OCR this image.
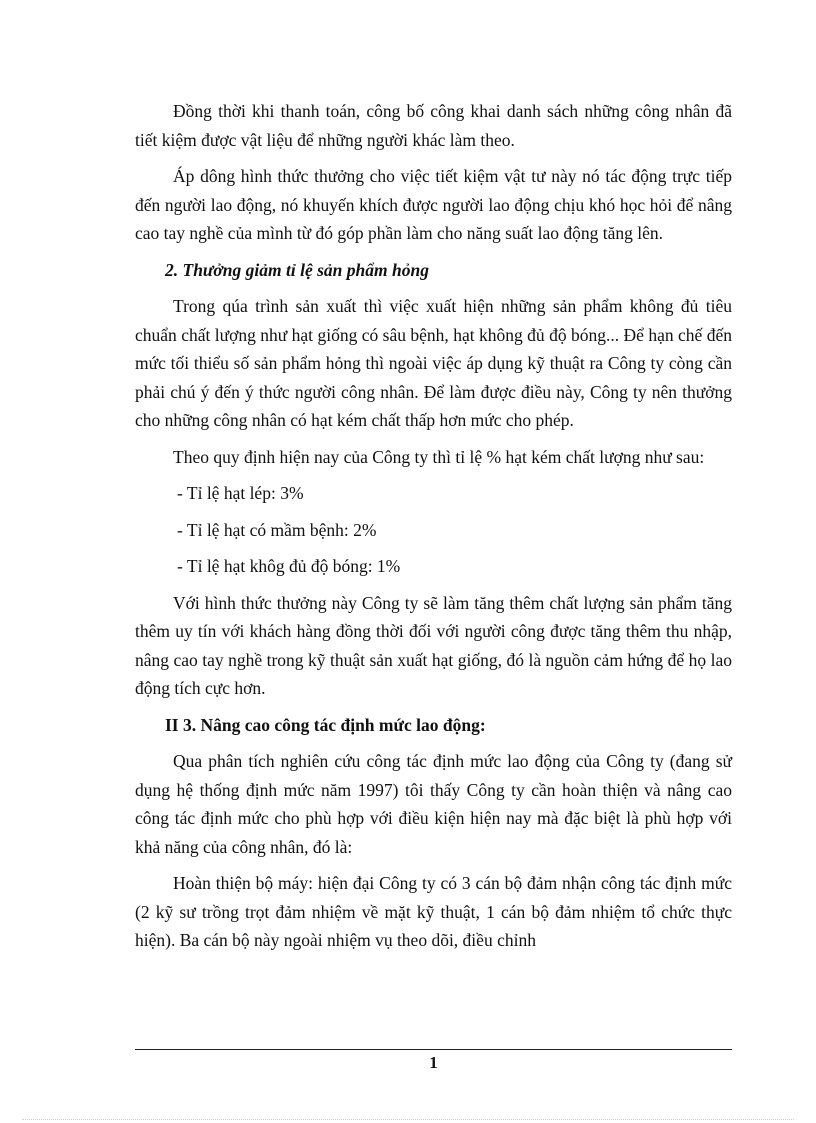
Đồng thời khi thanh toán, công bố công khai danh sách những công nhân đã tiết kiệm được vật liệu để những người khác làm theo.

Áp dông hình thức thưởng cho việc tiết kiệm vật tư này nó tác động trực tiếp đến người lao động, nó khuyến khích được người lao động chịu khó học hỏi để nâng cao tay nghề của mình từ đó góp phần làm cho năng suất lao động tăng lên.

2. Thưởng giảm tỉ lệ sản phẩm hỏng

Trong qúa trình sản xuất thì việc xuất hiện những sản phẩm không đủ tiêu chuẩn chất lượng như hạt giống có sâu bệnh, hạt không đủ độ bóng... Để hạn chế đến mức tối thiểu số sản phẩm hỏng thì ngoài việc áp dụng kỹ thuật ra Công ty còng cần phải chú ý đến ý thức người công nhân. Để làm được điều này, Công ty nên thưởng cho những công nhân có hạt kém chất thấp hơn mức cho phép.

Theo quy định hiện nay của Công ty thì tỉ lệ % hạt kém chất lượng như sau:

- Tỉ lệ hạt lép: 3%

- Tỉ lệ hạt có mầm bệnh: 2%

- Tỉ lệ hạt khôg đủ độ bóng: 1%

Với hình thức thưởng này Công ty sẽ làm tăng thêm chất lượng sản phẩm tăng thêm uy tín với khách hàng đồng thời đối với người công được tăng thêm thu nhập, nâng cao tay nghề trong kỹ thuật sản xuất hạt giống, đó là nguồn cảm hứng để họ lao động tích cực hơn.

II 3. Nâng cao công tác định mức lao động:

Qua phân tích nghiên cứu công tác định mức lao động của Công ty (đang sử dụng hệ thống định mức năm 1997) tôi thấy Công ty cần hoàn thiện và nâng cao công tác định mức cho phù hợp với điều kiện hiện nay mà đặc biệt là phù hợp với khả năng của công nhân, đó là:

Hoàn thiện bộ máy: hiện đại Công ty có 3 cán bộ đảm nhận công tác định mức (2 kỹ sư trồng trọt đảm nhiệm về mặt kỹ thuật, 1 cán bộ đảm nhiệm tổ chức thực hiện). Ba cán bộ này ngoài nhiệm vụ theo dõi, điều chỉnh

1
